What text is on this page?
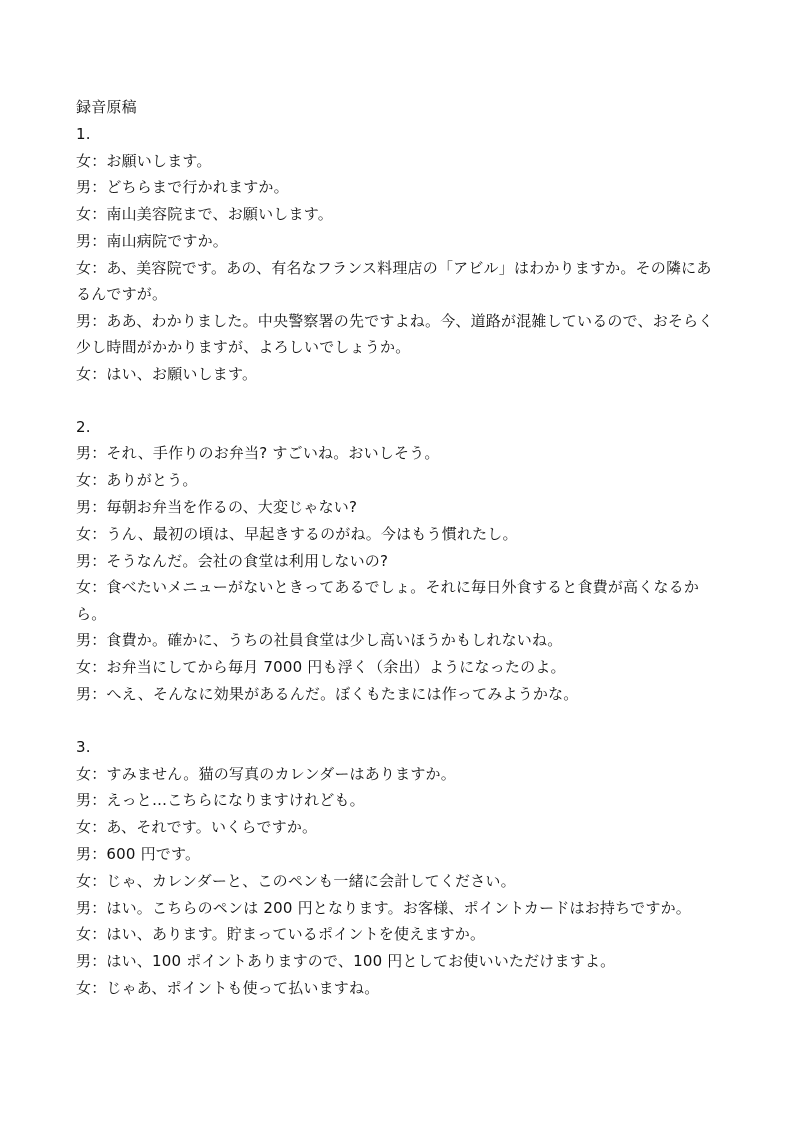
録音原稿
1.
女：お願いします。
男：どちらまで行かれますか。
女：南山美容院まで、お願いします。
男：南山病院ですか。
女：あ、美容院です。あの、有名なフランス料理店の「アビル」はわかりますか。その隣にあるんですが。
男：ああ、わかりました。中央警察署の先ですよね。今、道路が混雑しているので、おそらく少し時間がかかりますが、よろしいでしょうか。
女：はい、お願いします。
2.
男：それ、手作りのお弁当? すごいね。おいしそう。
女：ありがとう。
男：毎朝お弁当を作るの、大変じゃない?
女：うん、最初の頃は、早起きするのがね。今はもう慣れたし。
男：そうなんだ。会社の食堂は利用しないの?
女：食べたいメニューがないときってあるでしょ。それに毎日外食すると食費が高くなるから。
男：食費か。確かに、うちの社員食堂は少し高いほうかもしれないね。
女：お弁当にしてから毎月 7000 円も浮く（余出）ようになったのよ。
男：へえ、そんなに効果があるんだ。ぼくもたまには作ってみようかな。
3.
女：すみません。猫の写真のカレンダーはありますか。
男：えっと…こちらになりますけれども。
女：あ、それです。いくらですか。
男：600 円です。
女：じゃ、カレンダーと、このペンも一緒に会計してください。
男：はい。こちらのペンは 200 円となります。お客様、ポイントカードはお持ちですか。
女：はい、あります。貯まっているポイントを使えますか。
男：はい、100 ポイントありますので、100 円としてお使いいただけますよ。
女：じゃあ、ポイントも使って払いますね。
